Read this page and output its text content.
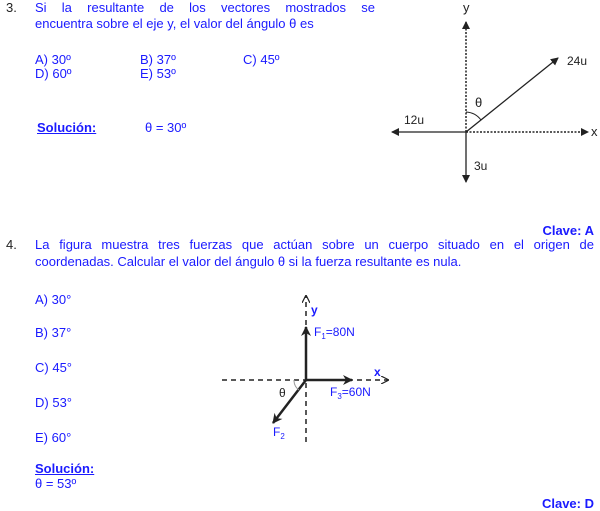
3. Si la resultante de los vectores mostrados se
encuentra sobre el eje y, el valor del ángulo θ es
A) 30º	B) 37º	C) 45º
D) 60º	E) 53º
Solución:	θ = 30º
Clave: A
y
x
24u
12u
3u
θ
4. La figura muestra tres fuerzas que actúan sobre un cuerpo situado en el origen de
coordenadas. Calcular el valor del ángulo θ si la fuerza resultante es nula.
A) 30°
B) 37°
C) 45°
D) 53°
E) 60°
Solución:
θ = 53º
Clave: D
y
x
$F_1=80N$
$F_3=60N$
$F_2$
θ
